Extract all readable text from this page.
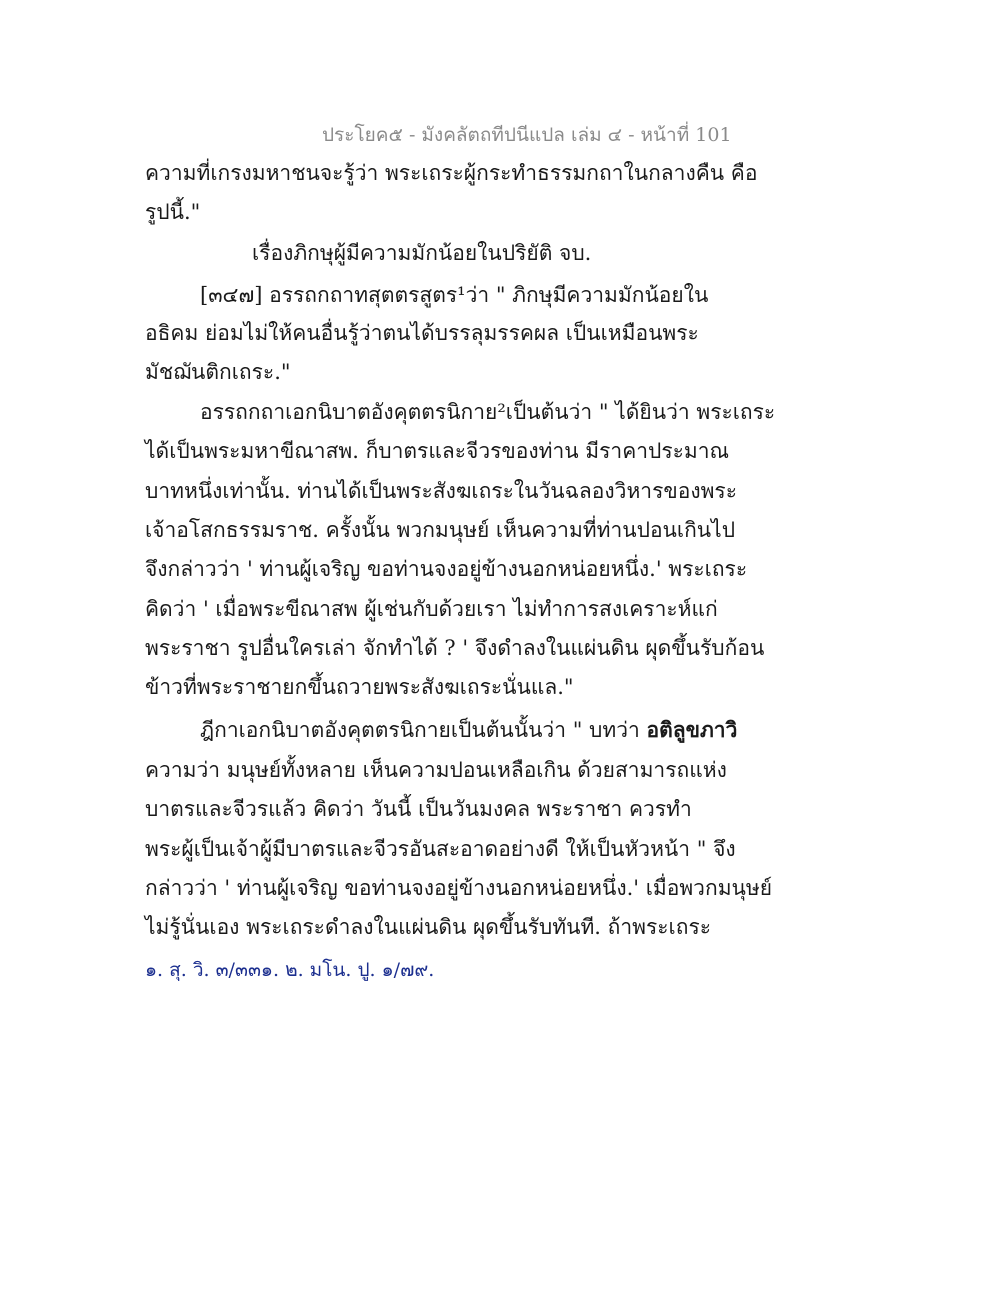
ประโยค๕ - มังคลัตถทีปนีแปล เล่ม ๔ - หน้าที่ 101
ความที่เกรงมหาชนจะรู้ว่า พระเถระผู้กระทำธรรมกถาในกลางคืน คือ
รูปนี้."
เรื่องภิกษุผู้มีความมักน้อยในปริยัติ จบ.
[๓๔๗] อรรถกถาทสุตตรสูตร¹ว่า " ภิกษุมีความมักน้อยใน
อธิคม ย่อมไม่ให้คนอื่นรู้ว่าตนได้บรรลุมรรคผล เป็นเหมือนพระ
มัชฌันติกเถระ."
อรรถกถาเอกนิบาตอังคุตตรนิกาย²เป็นต้นว่า " ได้ยินว่า พระเถระ
ได้เป็นพระมหาขีณาสพ. ก็บาตรและจีวรของท่าน มีราคาประมาณ
บาทหนึ่งเท่านั้น. ท่านได้เป็นพระสังฆเถระในวันฉลองวิหารของพระ
เจ้าอโสกธรรมราช. ครั้งนั้น พวกมนุษย์ เห็นความที่ท่านปอนเกินไป
จึงกล่าวว่า ' ท่านผู้เจริญ ขอท่านจงอยู่ข้างนอกหน่อยหนึ่ง.' พระเถระ
คิดว่า ' เมื่อพระขีณาสพ ผู้เช่นกับด้วยเรา ไม่ทำการสงเคราะห์แก่
พระราชา รูปอื่นใครเล่า จักทำได้ ? ' จึงดำลงในแผ่นดิน ผุดขึ้นรับก้อน
ข้าวที่พระราชายกขึ้นถวายพระสังฆเถระนั่นแล."
ฎีกาเอกนิบาตอังคุตตรนิกายเป็นต้นนั้นว่า " บทว่า อติลูขภาวิ
ความว่า มนุษย์ทั้งหลาย เห็นความปอนเหลือเกิน ด้วยสามารถแห่ง
บาตรและจีวรแล้ว คิดว่า วันนี้ เป็นวันมงคล พระราชา ควรทำ
พระผู้เป็นเจ้าผู้มีบาตรและจีวรอันสะอาดอย่างดี ให้เป็นหัวหน้า " จึง
กล่าวว่า ' ท่านผู้เจริญ ขอท่านจงอยู่ข้างนอกหน่อยหนึ่ง.' เมื่อพวกมนุษย์
ไม่รู้นั่นเอง พระเถระดำลงในแผ่นดิน ผุดขึ้นรับทันที. ถ้าพระเถระ
๑. สุ. วิ. ๓/๓๓๑. ๒. มโน. ปู. ๑/๗๙.
